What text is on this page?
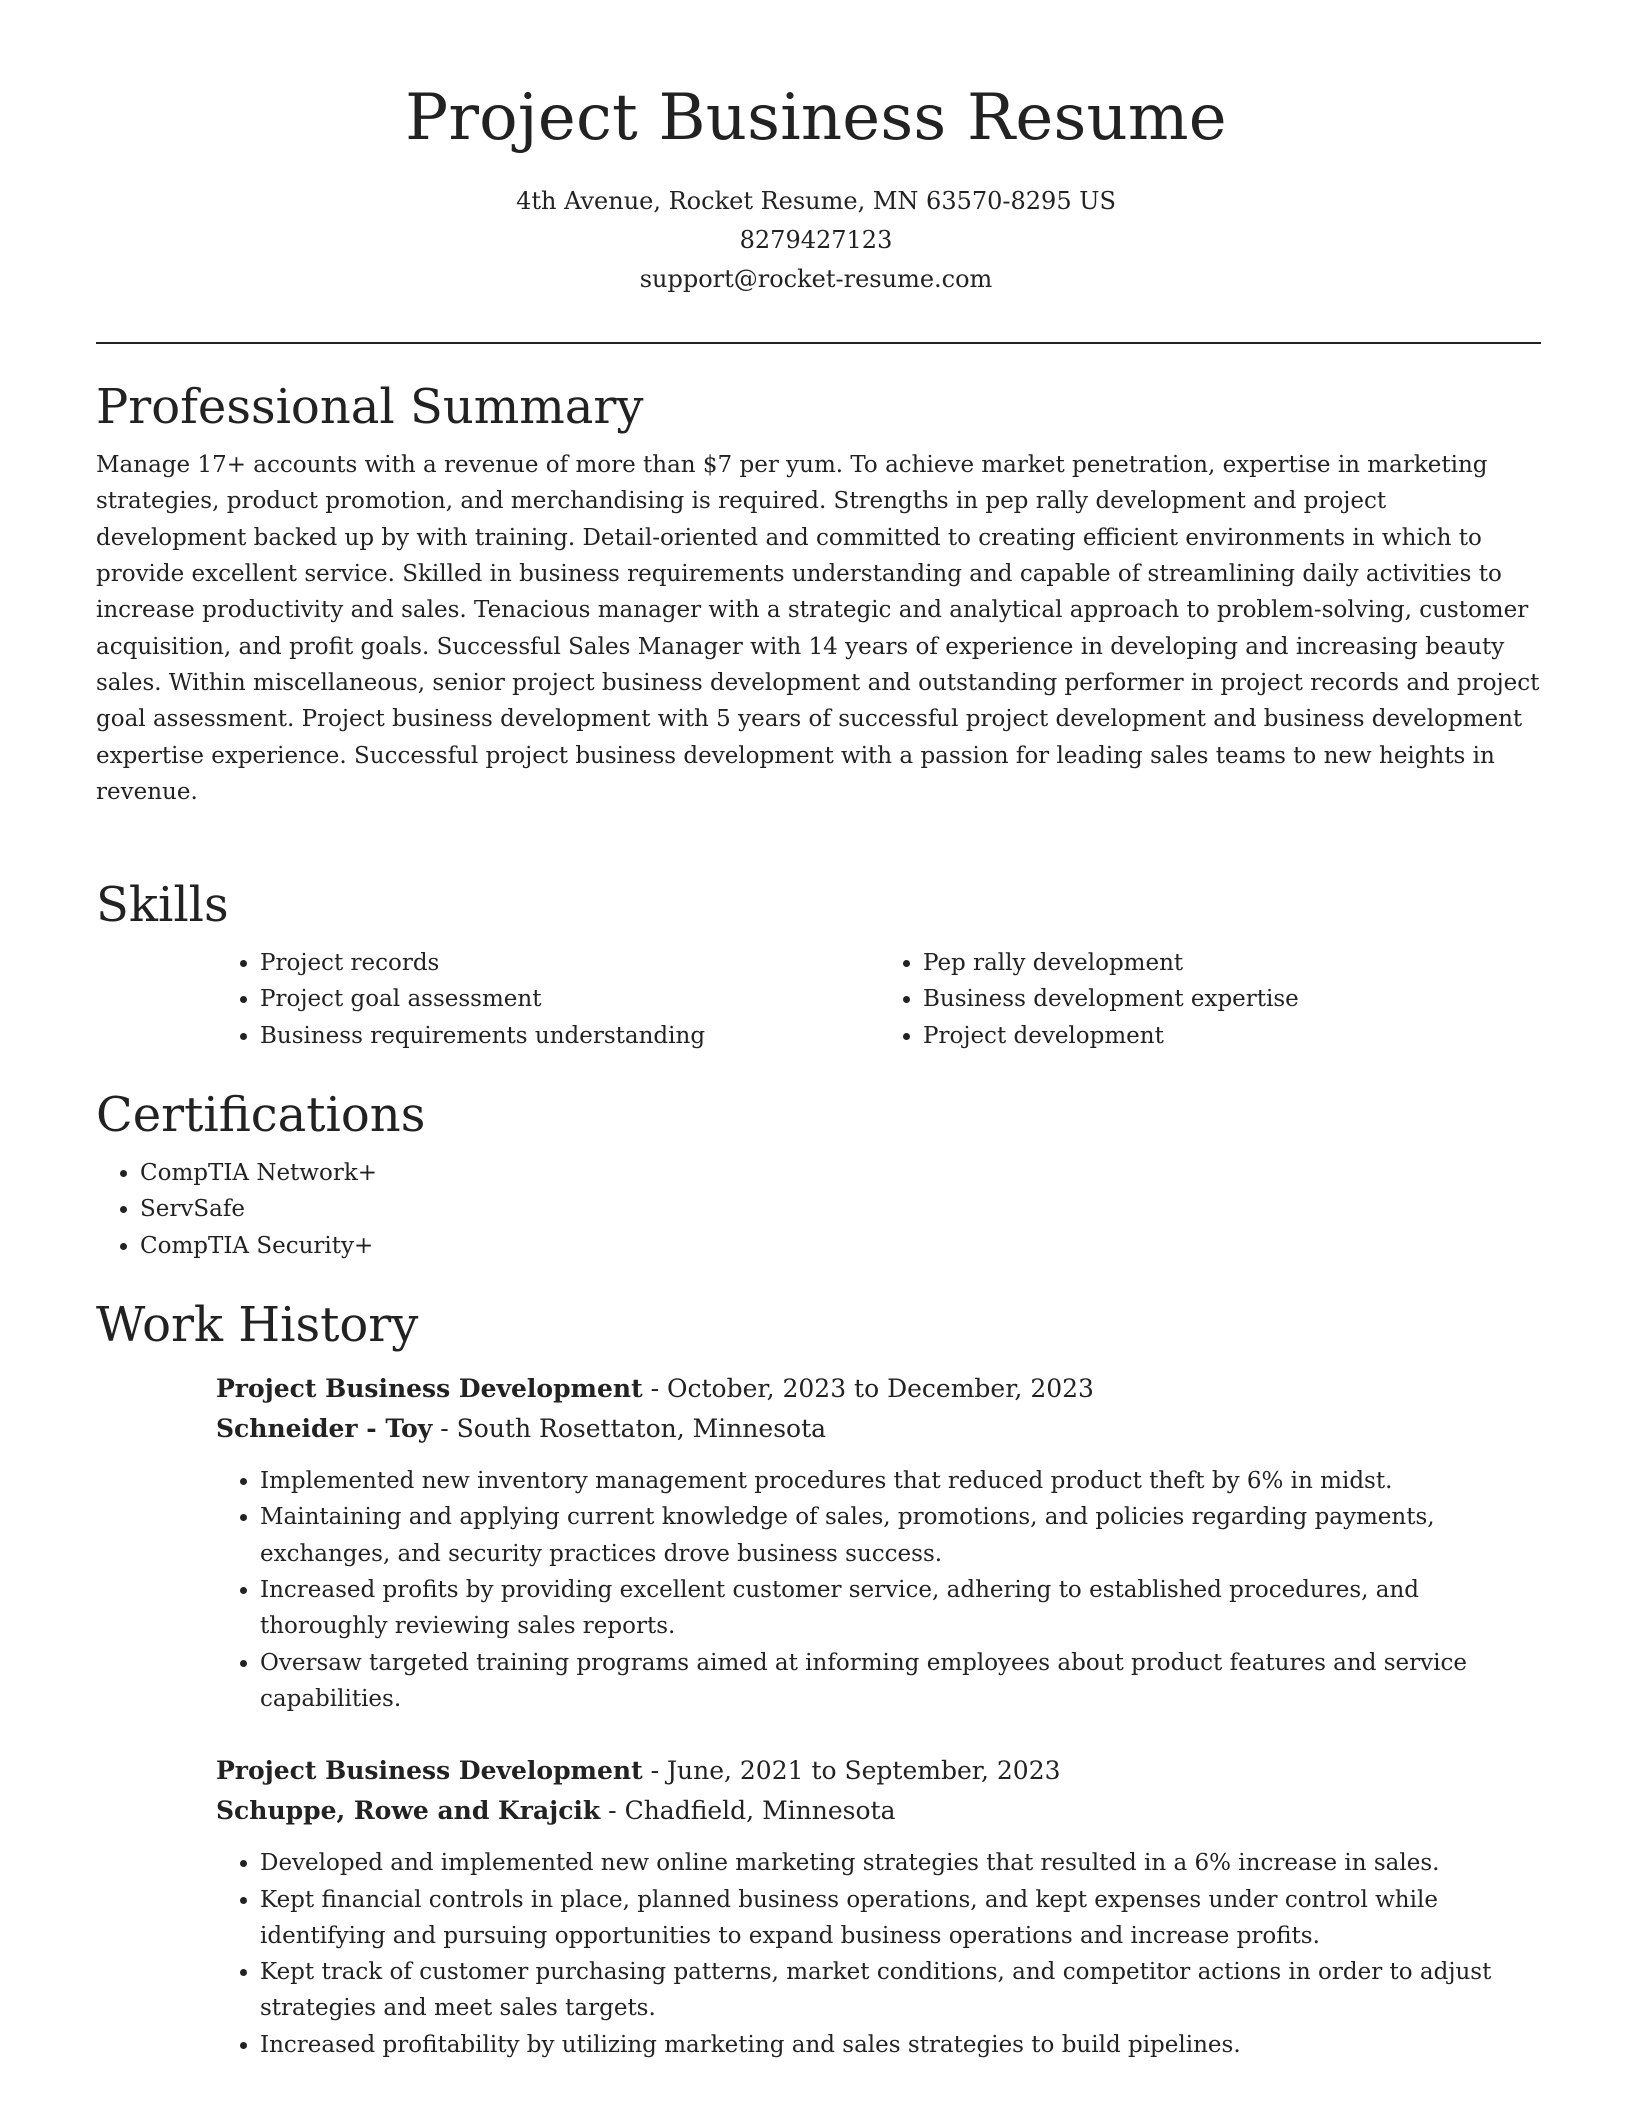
Project Business Resume
4th Avenue, Rocket Resume, MN 63570-8295 US
8279427123
support@rocket-resume.com
Professional Summary

Manage 17+ accounts with a revenue of more than $7 per yum. To achieve market penetration, expertise in marketing strategies, product promotion, and merchandising is required. Strengths in pep rally development and project development backed up by with training. Detail-oriented and committed to creating efficient environments in which to provide excellent service. Skilled in business requirements understanding and capable of streamlining daily activities to increase productivity and sales. Tenacious manager with a strategic and analytical approach to problem-solving, customer acquisition, and profit goals. Successful Sales Manager with 14 years of experience in developing and increasing beauty sales. Within miscellaneous, senior project business development and outstanding performer in project records and project goal assessment. Project business development with 5 years of successful project development and business development expertise experience. Successful project business development with a passion for leading sales teams to new heights in revenue.

Skills
• Project records
• Project goal assessment
• Business requirements understanding
• Pep rally development
• Business development expertise
• Project development
Certifications
• CompTIA Network+
• ServSafe
• CompTIA Security+
Work History
Project Business Development - October, 2023 to December, 2023
Schneider - Toy - South Rosettaton, Minnesota
• Implemented new inventory management procedures that reduced product theft by 6% in midst.
• Maintaining and applying current knowledge of sales, promotions, and policies regarding payments, exchanges, and security practices drove business success.
• Increased profits by providing excellent customer service, adhering to established procedures, and thoroughly reviewing sales reports.
• Oversaw targeted training programs aimed at informing employees about product features and service capabilities.
Project Business Development - June, 2021 to September, 2023
Schuppe, Rowe and Krajcik - Chadfield, Minnesota
• Developed and implemented new online marketing strategies that resulted in a 6% increase in sales.
• Kept financial controls in place, planned business operations, and kept expenses under control while identifying and pursuing opportunities to expand business operations and increase profits.
• Kept track of customer purchasing patterns, market conditions, and competitor actions in order to adjust strategies and meet sales targets.
• Increased profitability by utilizing marketing and sales strategies to build pipelines.
